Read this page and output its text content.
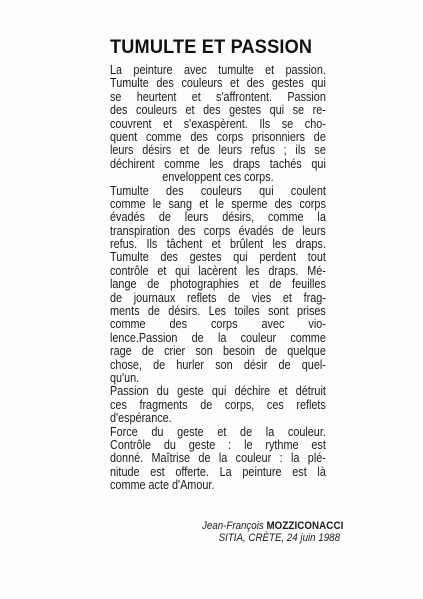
TUMULTE ET PASSION
La peinture avec tumulte et passion.
Tumulte des couleurs et des gestes qui
se heurtent et s'affrontent. Passion
des couleurs et des gestes qui se re-
couvrent et s'exaspèrent. Ils se cho-
quent comme des corps prisonniers de
leurs désirs et de leurs refus ; ils se
déchirent comme les draps tachés qui
enveloppent ces corps.
Tumulte des couleurs qui coulent
comme le sang et le sperme des corps
évadés de leurs désirs, comme la
transpiration des corps évadés de leurs
refus. Ils tâchent et brûlent les draps.
Tumulte des gestes qui perdent tout
contrôle et qui lacèrent les draps. Mé-
lange de photographies et de feuilles
de journaux reflets de vies et frag-
ments de désirs. Les toiles sont prises
comme des corps avec vio-
lence.Passion de la couleur comme
rage de crier son besoin de quelque
chose, de hurler son désir de quel-
qu'un.
Passion du geste qui déchire et détruit
ces fragments de corps, ces reflets
d'espérance.
Force du geste et de la couleur.
Contrôle du geste : le rythme est
donné. Maîtrise de la couleur : la plé-
nitude est offerte. La peinture est là
comme acte d'Amour.
Jean-François MOZZICONACCI
SITIA, CRÈTE, 24 juin 1988
